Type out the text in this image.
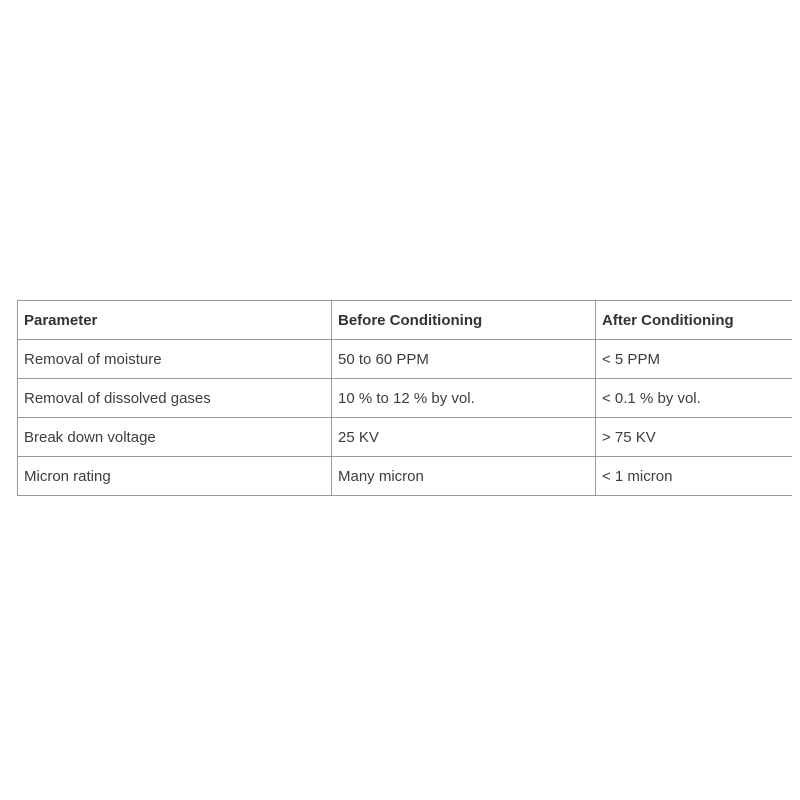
Parameter	Before Conditioning	After Conditioning
Removal of moisture	50 to 60 PPM	< 5 PPM
Removal of dissolved gases	10 % to 12 % by vol.	< 0.1 % by vol.
Break down voltage	25 KV	> 75 KV
Micron rating	Many micron	< 1 micron
